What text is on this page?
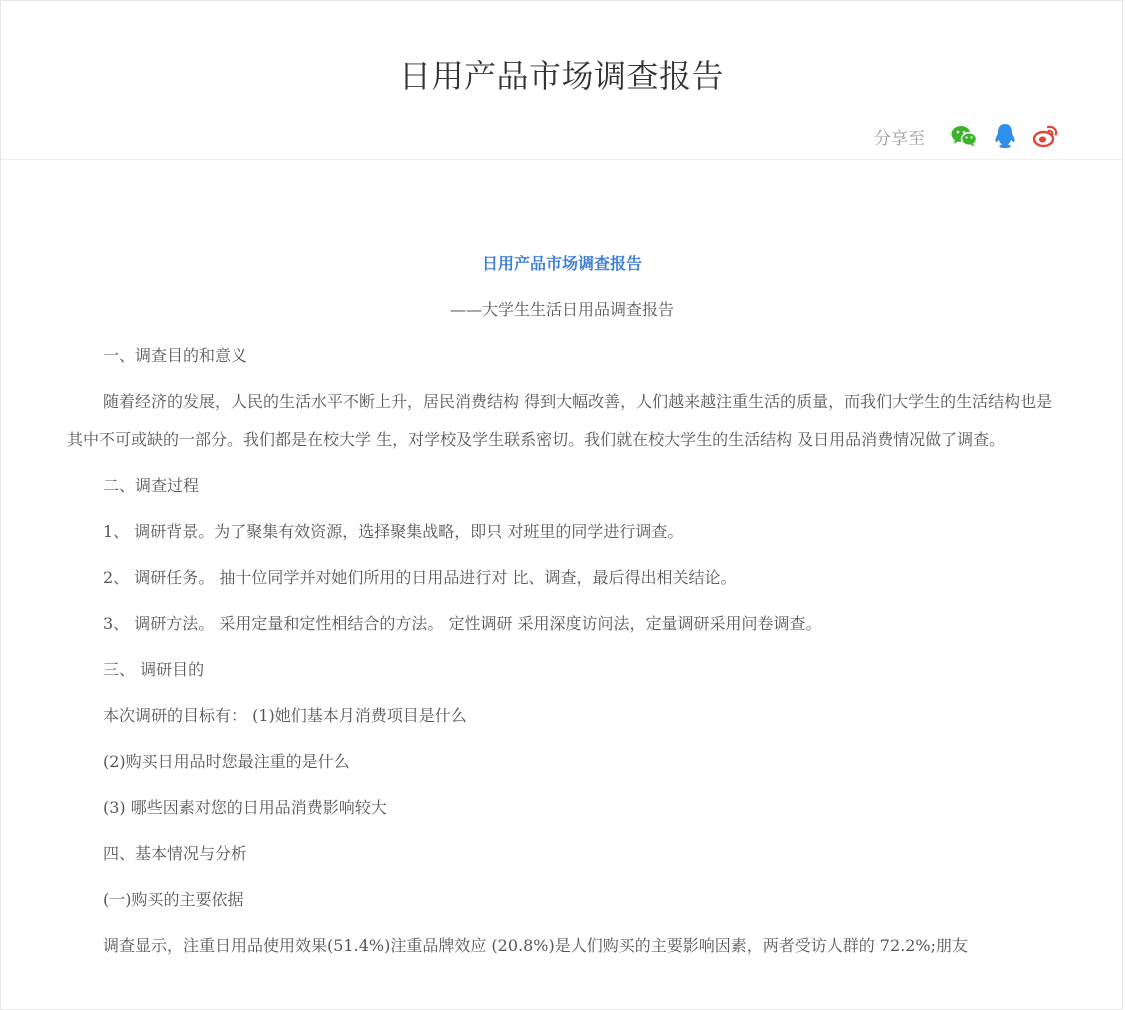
日用产品市场调查报告
分享至

日用产品市场调查报告

——大学生生活日用品调查报告

一、调查目的和意义

随着经济的发展，人民的生活水平不断上升，居民消费结构 得到大幅改善，人们越来越注重生活的质量，而我们大学生的生活结构也是其中不可或缺的一部分。我们都是在校大学 生，对学校及学生联系密切。我们就在校大学生的生活结构 及日用品消费情况做了调查。

二、调查过程

1、 调研背景。为了聚集有效资源，选择聚集战略，即只 对班里的同学进行调查。

2、 调研任务。 抽十位同学并对她们所用的日用品进行对 比、调查，最后得出相关结论。

3、 调研方法。 采用定量和定性相结合的方法。 定性调研 采用深度访问法，定量调研采用问卷调查。

三、 调研目的

本次调研的目标有： (1)她们基本月消费项目是什么

(2)购买日用品时您最注重的是什么

(3) 哪些因素对您的日用品消费影响较大

四、基本情况与分析

(一)购买的主要依据

调查显示，注重日用品使用效果(51.4%)注重品牌效应 (20.8%)是人们购买的主要影响因素，两者受访人群的 72.2%;朋友
